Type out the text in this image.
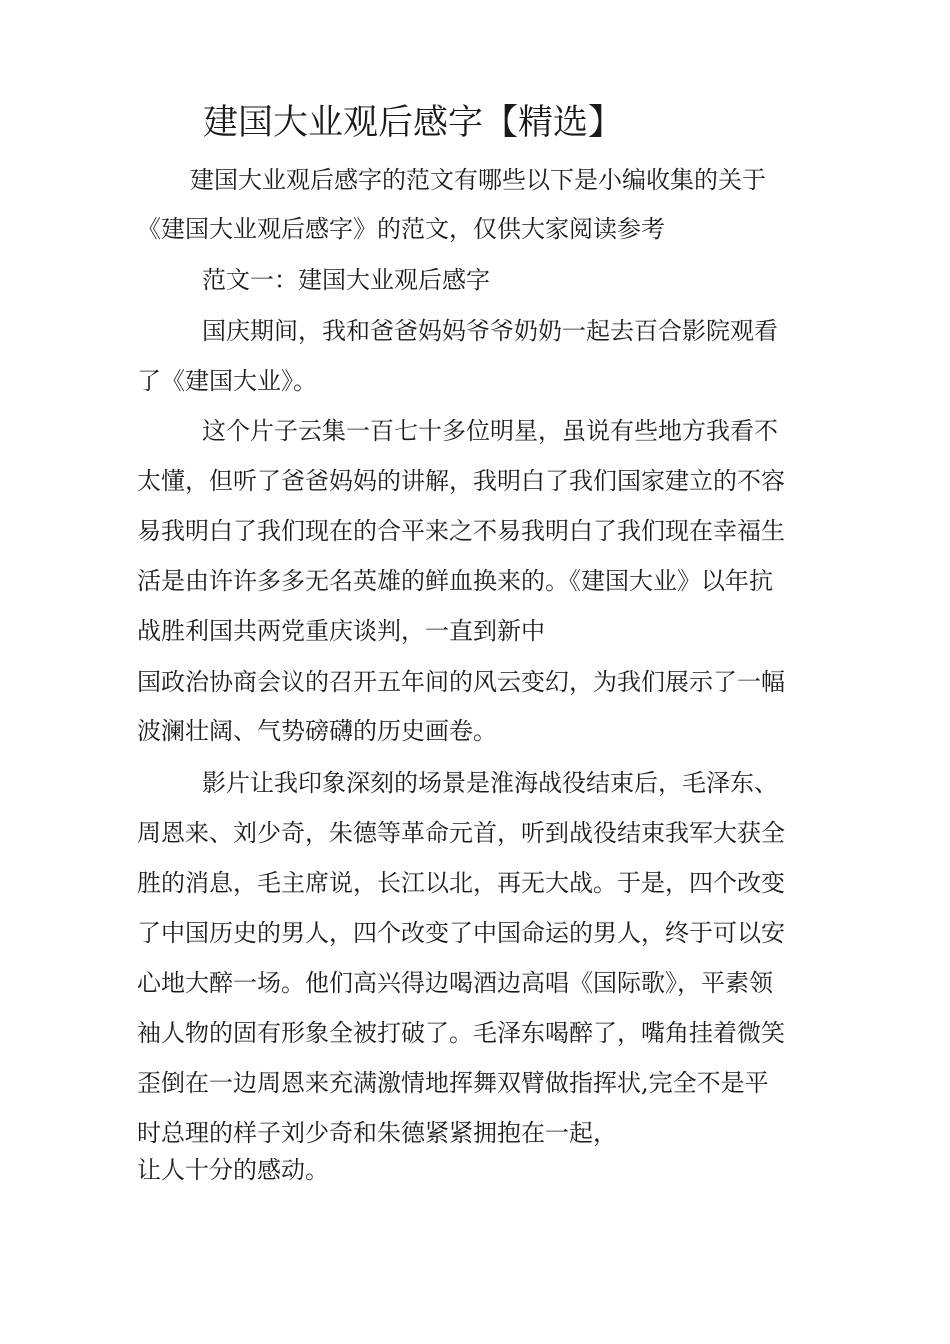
建国大业观后感字【精选】
建国大业观后感字的范文有哪些以下是小编收集的关于
《建国大业观后感字》的范文，仅供大家阅读参考
范文一：建国大业观后感字
国庆期间，我和爸爸妈妈爷爷奶奶一起去百合影院观看
了《建国大业》。
这个片子云集一百七十多位明星，虽说有些地方我看不
太懂，但听了爸爸妈妈的讲解，我明白了我们国家建立的不容
易我明白了我们现在的合平来之不易我明白了我们现在幸福生
活是由许许多多无名英雄的鲜血换来的。《建国大业》以年抗
战胜利国共两党重庆谈判，一直到新中
国政治协商会议的召开五年间的风云变幻，为我们展示了一幅
波澜壮阔、气势磅礴的历史画卷。
影片让我印象深刻的场景是淮海战役结束后，毛泽东、
周恩来、刘少奇，朱德等革命元首，听到战役结束我军大获全
胜的消息，毛主席说，长江以北，再无大战。于是，四个改变
了中国历史的男人，四个改变了中国命运的男人，终于可以安
心地大醉一场。他们高兴得边喝酒边高唱《国际歌》，平素领
袖人物的固有形象全被打破了。毛泽东喝醉了，嘴角挂着微笑
歪倒在一边周恩来充满激情地挥舞双臂做指挥状,完全不是平
时总理的样子刘少奇和朱德紧紧拥抱在一起，
让人十分的感动。
